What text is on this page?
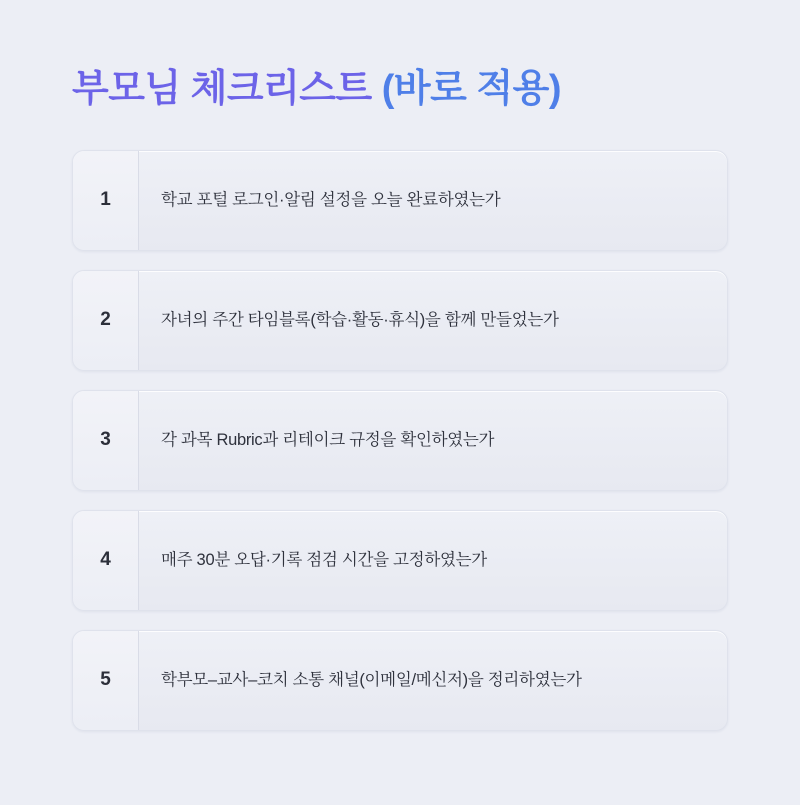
부모님 체크리스트 (바로 적용)
1	학교 포털 로그인·알림 설정을 오늘 완료하였는가
2	자녀의 주간 타임블록(학습·활동·휴식)을 함께 만들었는가
3	각 과목 Rubric과 리테이크 규정을 확인하였는가
4	매주 30분 오답·기록 점검 시간을 고정하였는가
5	학부모–교사–코치 소통 채널(이메일/메신저)을 정리하였는가
